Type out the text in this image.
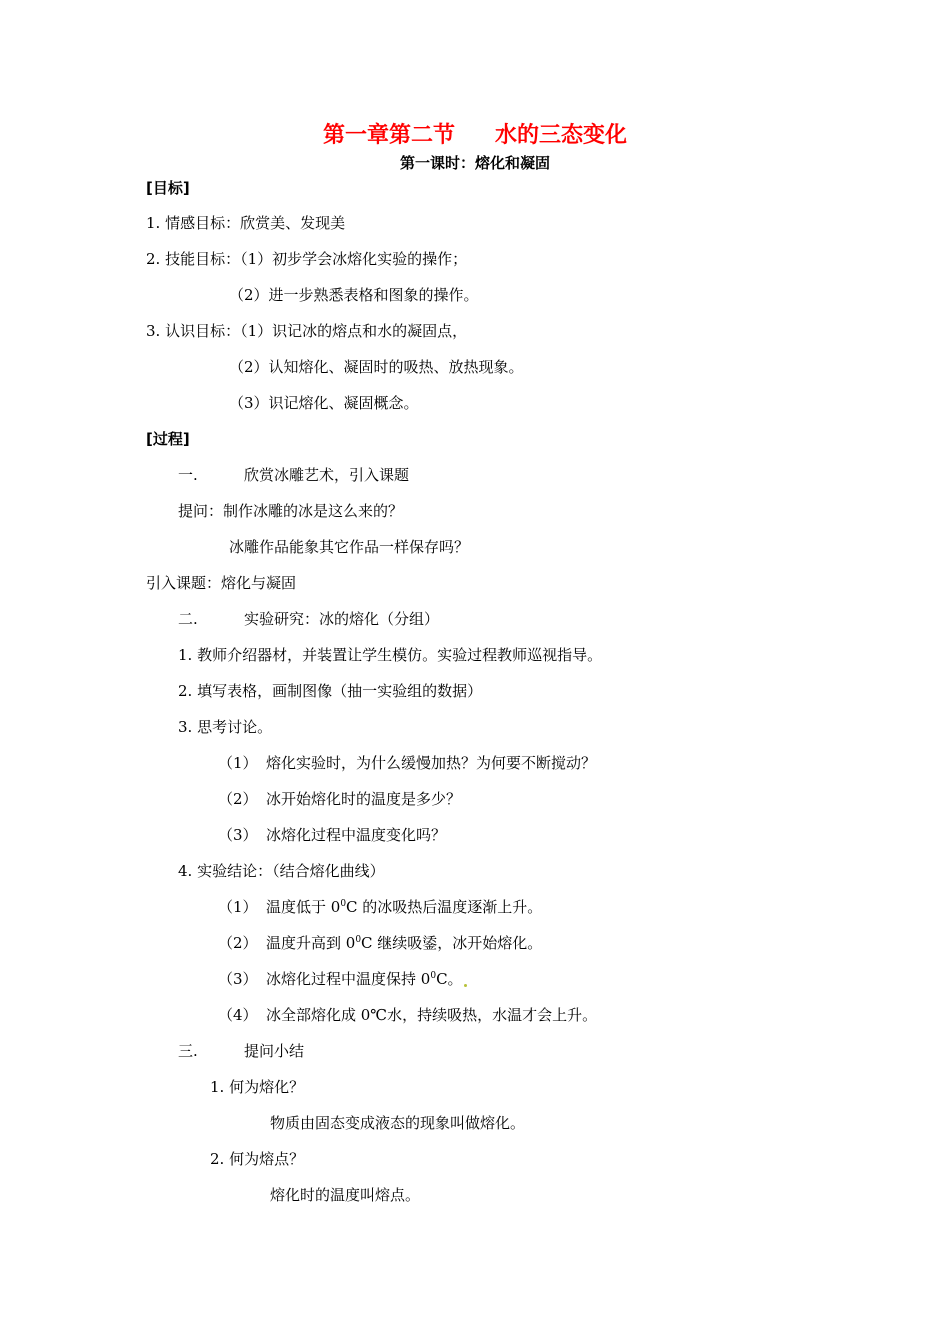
第一章第二节 水的三态变化
第一课时：熔化和凝固
[目标]
1. 情感目标：欣赏美、发现美
2. 技能目标：（1）初步学会冰熔化实验的操作；
（2）进一步熟悉表格和图象的操作。
3. 认识目标：（1）识记冰的熔点和水的凝固点，
（2）认知熔化、凝固时的吸热、放热现象。
（3）识记熔化、凝固概念。
[过程]
一.	欣赏冰雕艺术，引入课题
提问：制作冰雕的冰是这么来的？
冰雕作品能象其它作品一样保存吗？
引入课题：熔化与凝固
二.	实验研究：冰的熔化（分组）
1. 教师介绍器材，并装置让学生模仿。实验过程教师巡视指导。
2. 填写表格，画制图像（抽一实验组的数据）
3. 思考讨论。
（1） 熔化实验时，为什么缓慢加热？为何要不断搅动？
（2） 冰开始熔化时的温度是多少？
（3） 冰熔化过程中温度变化吗？
4. 实验结论：（结合熔化曲线）
（1） 温度低于 $0^0C$ 的冰吸热后温度逐渐上升。
（2） 温度升高到 $0^0C$ 继续吸鋈，冰开始熔化。
（3） 冰熔化过程中温度保持 $0^0C$。
（4） 冰全部熔化成 0℃水，持续吸热，水温才会上升。
三.	提问小结
1. 何为熔化？
物质由固态变成液态的现象叫做熔化。
2. 何为熔点？
熔化时的温度叫熔点。
